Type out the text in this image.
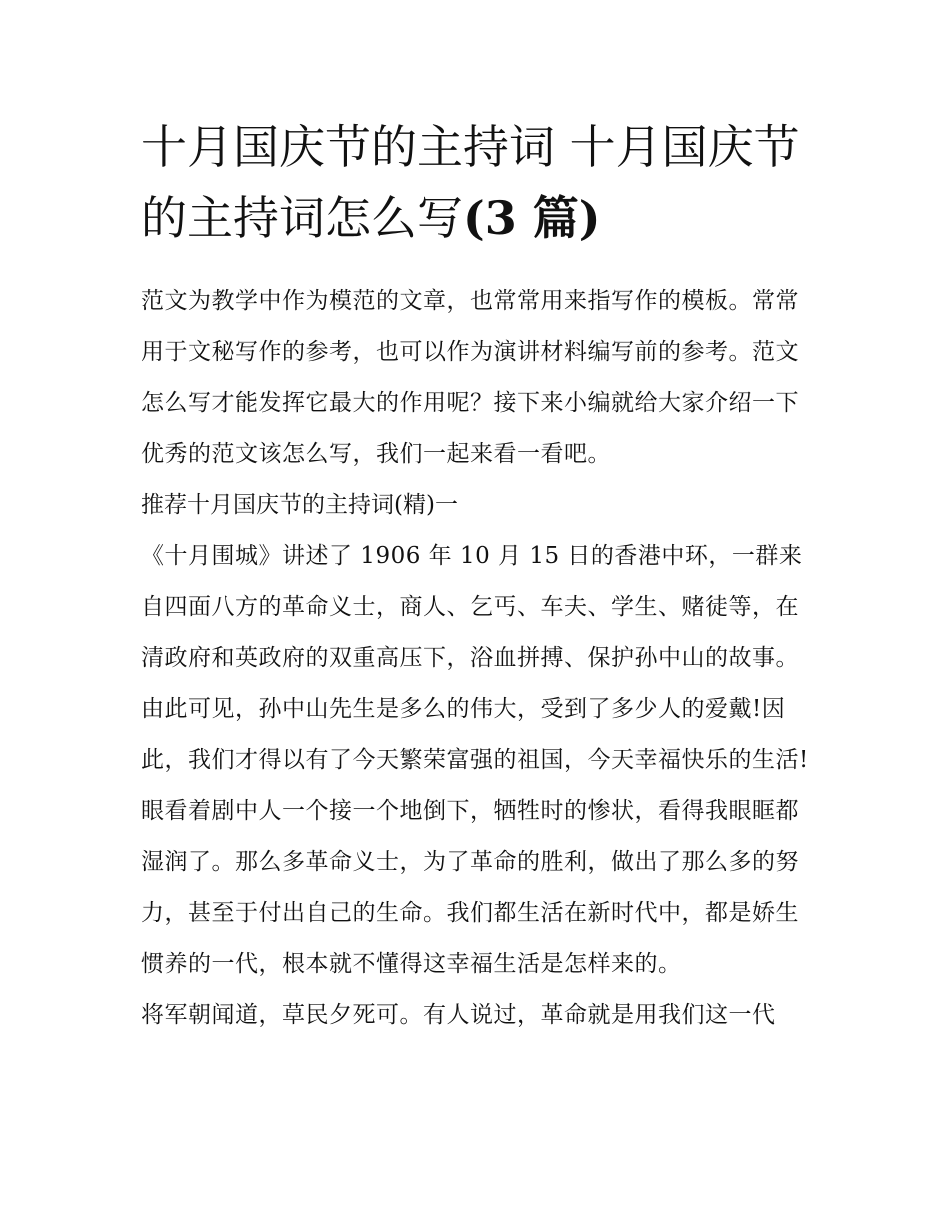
十月国庆节的主持词 十月国庆节的主持词怎么写(3 篇)

范文为教学中作为模范的文章，也常常用来指写作的模板。常常用于文秘写作的参考，也可以作为演讲材料编写前的参考。范文怎么写才能发挥它最大的作用呢？接下来小编就给大家介绍一下优秀的范文该怎么写，我们一起来看一看吧。

推荐十月国庆节的主持词(精)一

《十月围城》讲述了 1906 年 10 月 15 日的香港中环，一群来自四面八方的革命义士，商人、乞丐、车夫、学生、赌徒等，在清政府和英政府的双重高压下，浴血拼搏、保护孙中山的故事。由此可见，孙中山先生是多么的伟大，受到了多少人的爱戴!因此，我们才得以有了今天繁荣富强的祖国，今天幸福快乐的生活!

眼看着剧中人一个接一个地倒下，牺牲时的惨状，看得我眼眶都湿润了。那么多革命义士，为了革命的胜利，做出了那么多的努力，甚至于付出自己的生命。我们都生活在新时代中，都是娇生惯养的一代，根本就不懂得这幸福生活是怎样来的。

将军朝闻道，草民夕死可。有人说过，革命就是用我们这一代
